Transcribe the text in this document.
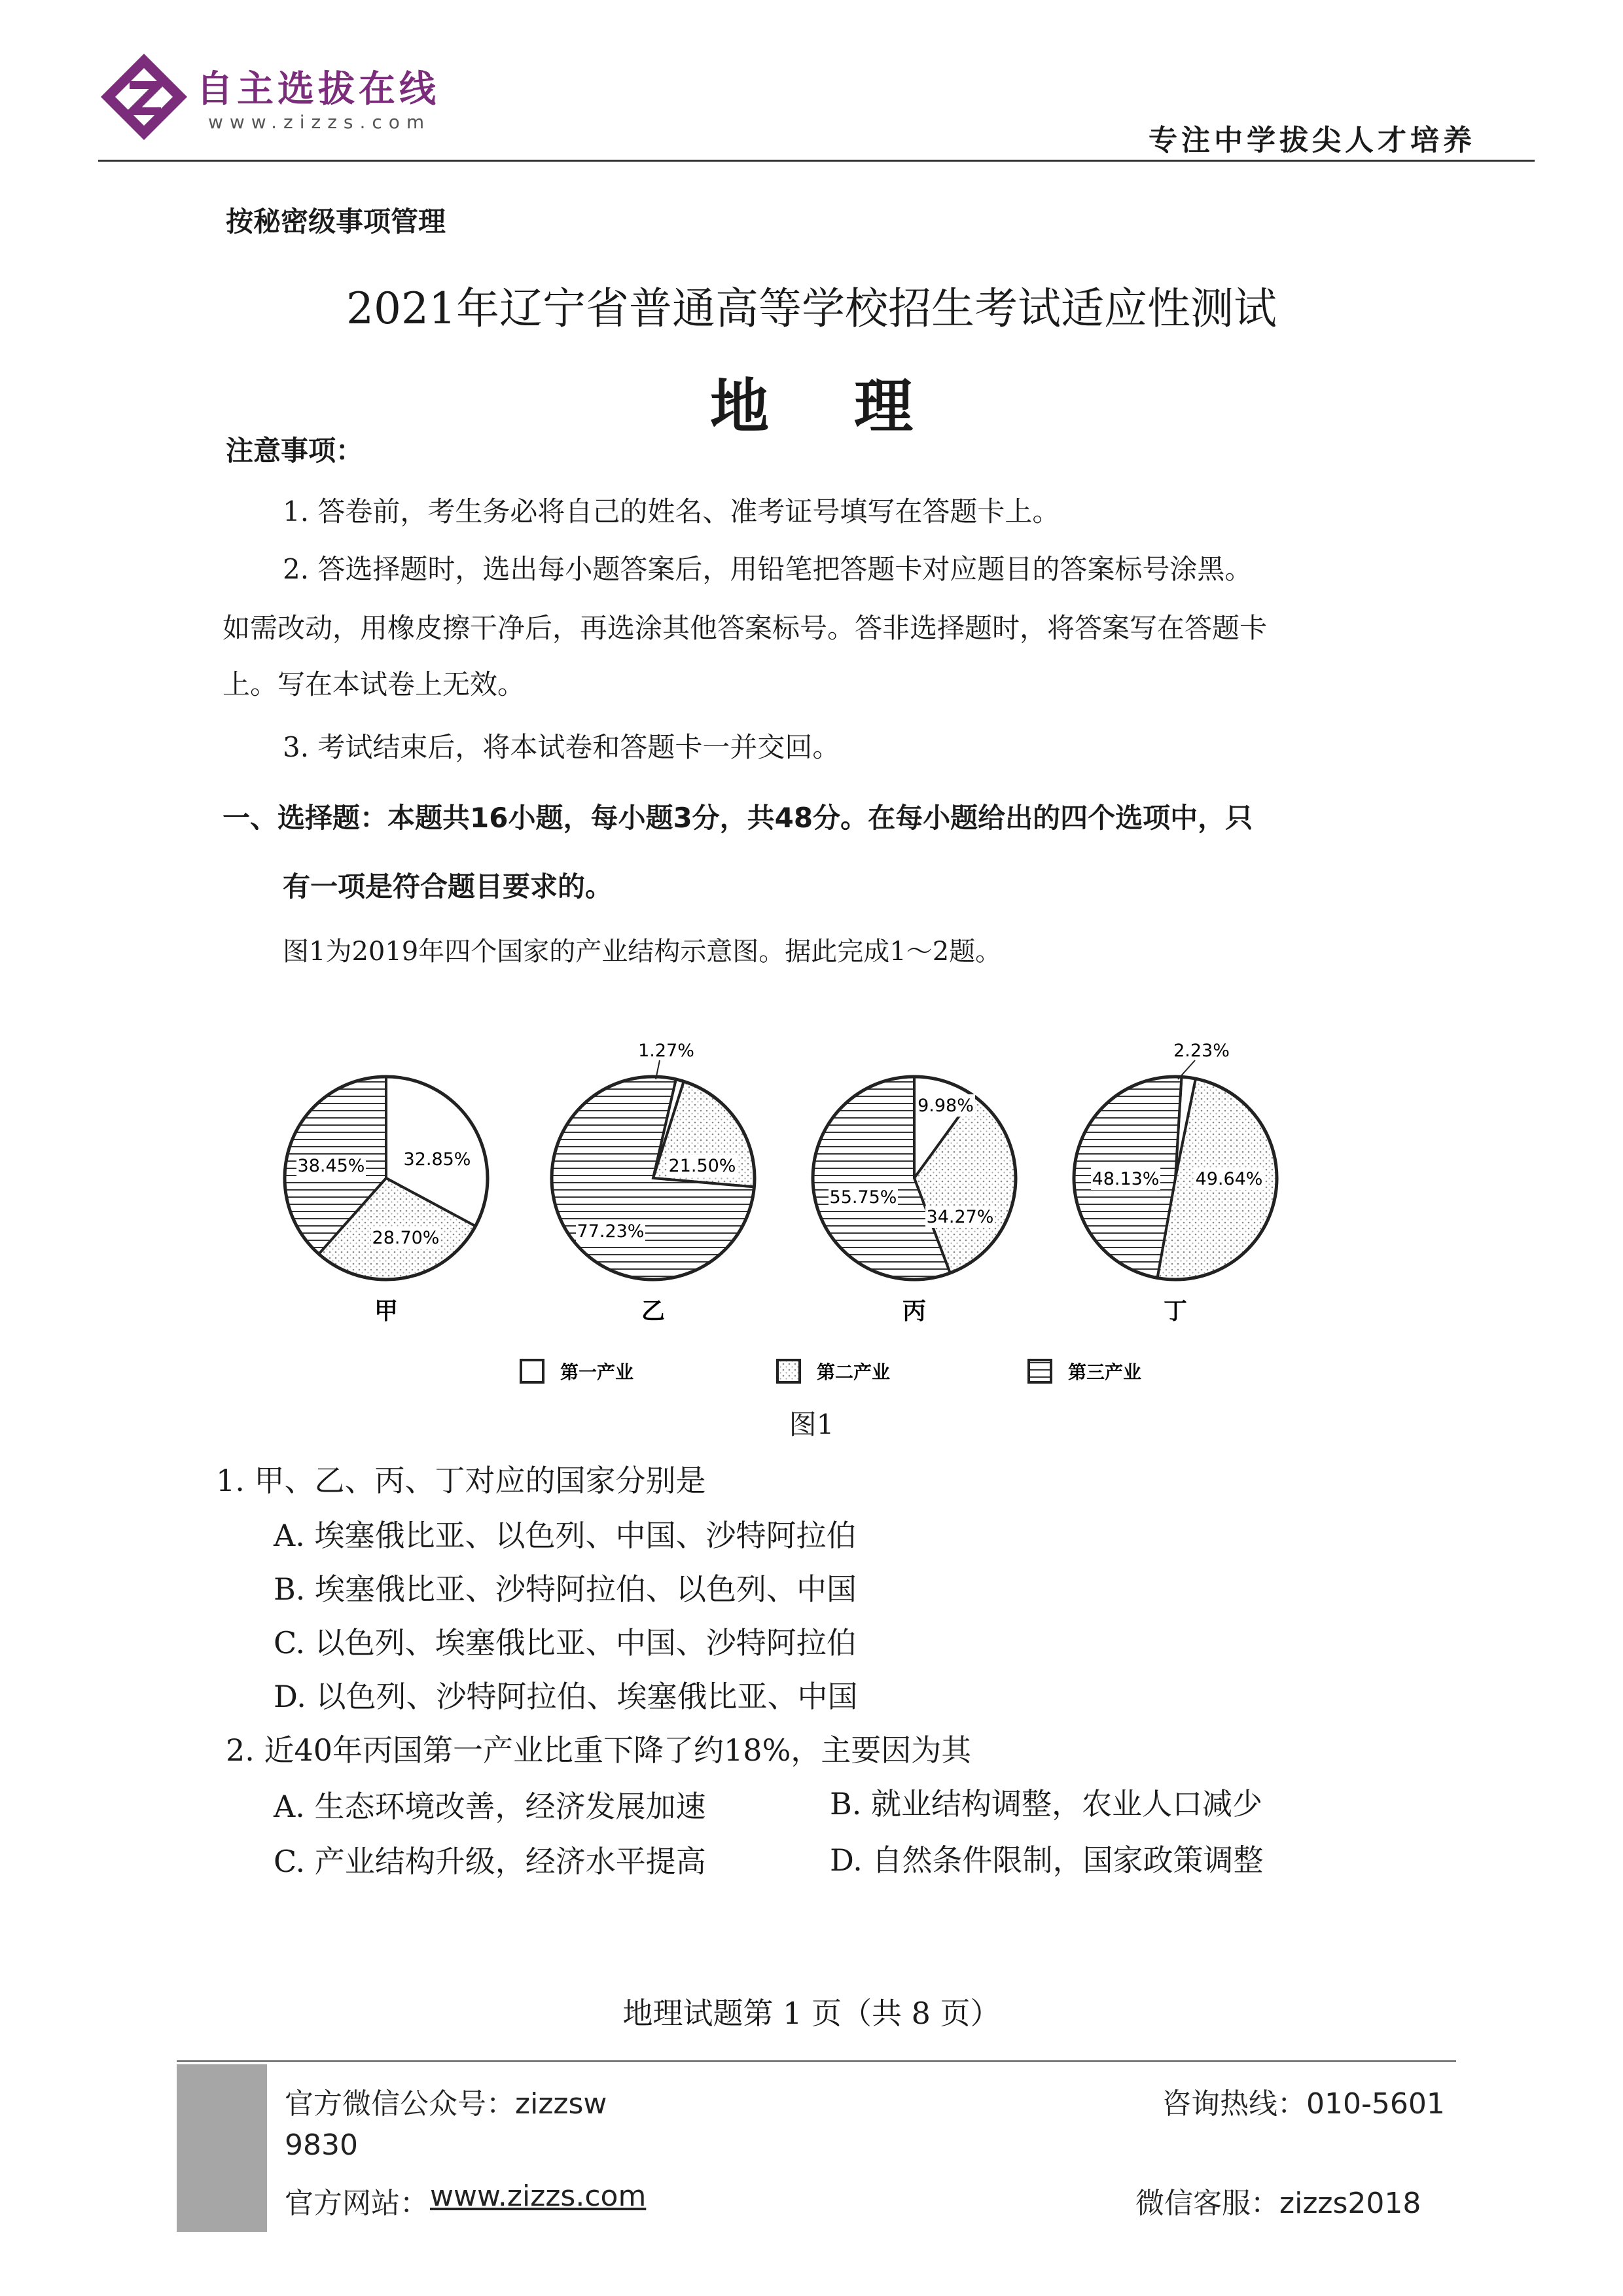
自主选拔在线
www.zizzs.com
专注中学拔尖人才培养
按秘密级事项管理
2021年辽宁省普通高等学校招生考试适应性测试
地理
注意事项：
1. 答卷前，考生务必将自己的姓名、准考证号填写在答题卡上。
2. 答选择题时，选出每小题答案后，用铅笔把答题卡对应题目的答案标号涂黑。
如需改动，用橡皮擦干净后，再选涂其他答案标号。答非选择题时，将答案写在答题卡
上。写在本试卷上无效。
3. 考试结束后，将本试卷和答题卡一并交回。
一、选择题：本题共16小题，每小题3分，共48分。在每小题给出的四个选项中，只
有一项是符合题目要求的。
图1为2019年四个国家的产业结构示意图。据此完成1～2题。
32.85%
28.70%
38.45%
甲
1.27%
21.50%
77.23%
乙
9.98%
34.27%
55.75%
丙
2.23%
49.64%
48.13%
丁
第一产业	第二产业	第三产业
图1
1. 甲、乙、丙、丁对应的国家分别是
A. 埃塞俄比亚、以色列、中国、沙特阿拉伯
B. 埃塞俄比亚、沙特阿拉伯、以色列、中国
C. 以色列、埃塞俄比亚、中国、沙特阿拉伯
D. 以色列、沙特阿拉伯、埃塞俄比亚、中国
2. 近40年丙国第一产业比重下降了约18%，主要因为其
A. 生态环境改善，经济发展加速	B. 就业结构调整，农业人口减少
C. 产业结构升级，经济水平提高	D. 自然条件限制，国家政策调整
地理试题第 1 页（共 8 页）
官方微信公众号：zizzsw
9830
官方网站： www.zizzs.com
咨询热线：010-5601
微信客服：zizzs2018
